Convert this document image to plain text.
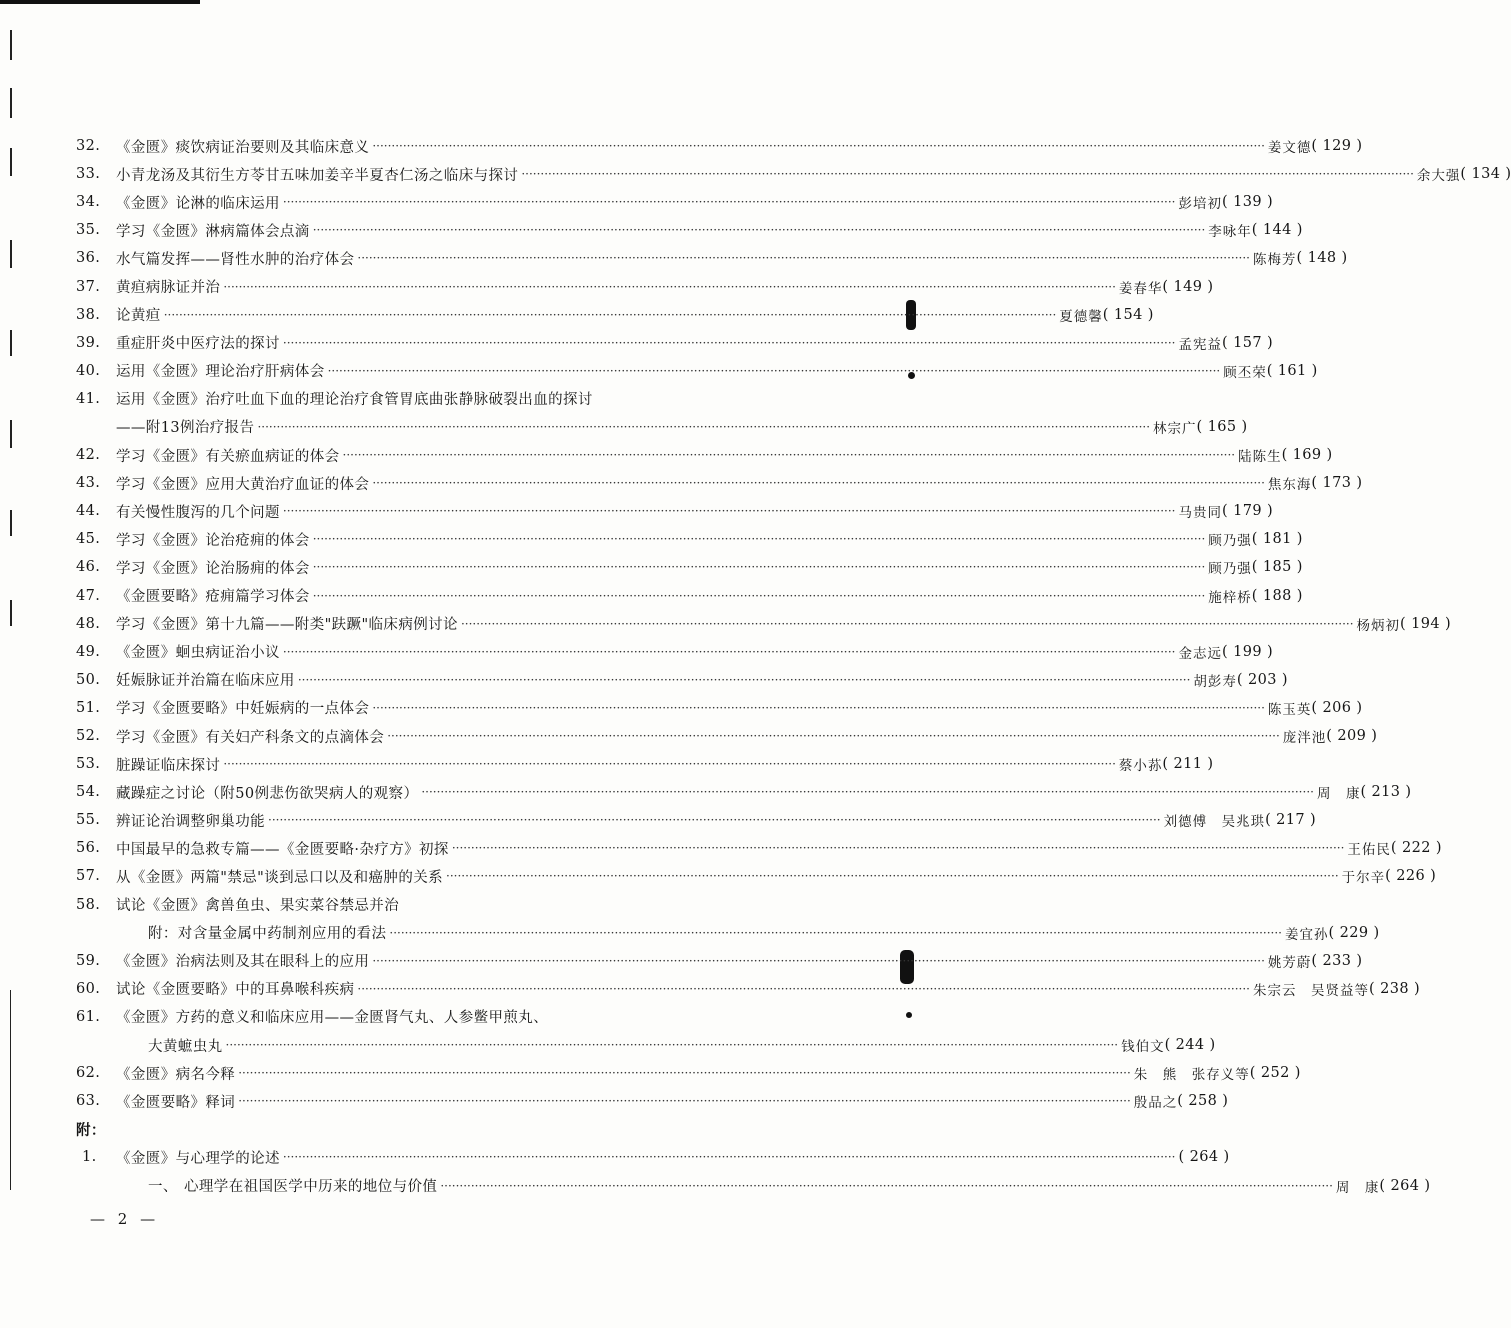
32.	《金匮》痰饮病证治要则及其临床意义 ·····	姜文德 ( 129 )
33.	小青龙汤及其衍生方苓甘五味加姜辛半夏杏仁汤之临床与探讨 ·····	余大强 ( 134 )
34.	《金匮》论淋的临床运用 ·····	彭培初 ( 139 )
35.	学习《金匮》淋病篇体会点滴 ·····	李咏年 ( 144 )
36.	水气篇发挥——肾性水肿的治疗体会 ·····	陈梅芳 ( 148 )
37.	黄疸病脉证并治 ·····	姜春华 ( 149 )
38.	论黄疸 ·····	夏德馨 ( 154 )
39.	重症肝炎中医疗法的探讨 ·····	孟宪益 ( 157 )
40.	运用《金匮》理论治疗肝病体会 ·····	顾丕荣 ( 161 )
41.	运用《金匮》治疗吐血下血的理论治疗食管胃底曲张静脉破裂出血的探讨
——附13例治疗报告 ·····	林宗广 ( 165 )
42.	学习《金匮》有关瘀血病证的体会 ·····	陆陈生 ( 169 )
43.	学习《金匮》应用大黄治疗血证的体会 ·····	焦东海 ( 173 )
44.	有关慢性腹泻的几个问题 ·····	马贵同 ( 179 )
45.	学习《金匮》论治疮痈的体会 ·····	顾乃强 ( 181 )
46.	学习《金匮》论治肠痈的体会 ·····	顾乃强 ( 185 )
47.	《金匮要略》疮痈篇学习体会 ·····	施梓桥 ( 188 )
48.	学习《金匮》第十九篇——附类"趺蹶"临床病例讨论 ·····	杨炳初 ( 194 )
49.	《金匮》蛔虫病证治小议 ·····	金志远 ( 199 )
50.	妊娠脉证并治篇在临床应用 ·····	胡彭寿 ( 203 )
51.	学习《金匮要略》中妊娠病的一点体会 ·····	陈玉英 ( 206 )
52.	学习《金匮》有关妇产科条文的点滴体会 ·····	庞泮池 ( 209 )
53.	脏躁证临床探讨 ·····	蔡小荪 ( 211 )
54.	藏躁症之讨论（附50例悲伤欲哭病人的观察） ·····	周　康 ( 213 )
55.	辨证论治调整卵巢功能 ·····	刘德傅　吴兆珙 ( 217 )
56.	中国最早的急救专篇——《金匮要略·杂疗方》初探 ·····	王佑民 ( 222 )
57.	从《金匮》两篇"禁忌"谈到忌口以及和癌肿的关系 ·····	于尔辛 ( 226 )
58.	试论《金匮》禽兽鱼虫、果实菜谷禁忌并治
附：对含量金属中药制剂应用的看法 ·····	姜宜孙 ( 229 )
59.	《金匮》治病法则及其在眼科上的应用 ·····	姚芳蔚 ( 233 )
60.	试论《金匮要略》中的耳鼻喉科疾病 ·····	朱宗云　吴贤益等 ( 238 )
61.	《金匮》方药的意义和临床应用——金匮肾气丸、人参鳖甲煎丸、
大黄蟅虫丸 ·····	钱伯文 ( 244 )
62.	《金匮》病名今释 ·····	朱　熊　张存义等 ( 252 )
63.	《金匮要略》释词 ·····	殷品之 ( 258 )
附：
1.	《金匮》与心理学的论述 ·····	( 264 )
一、 心理学在祖国医学中历来的地位与价值 ·····	周　康 ( 264 )
— 2 —
